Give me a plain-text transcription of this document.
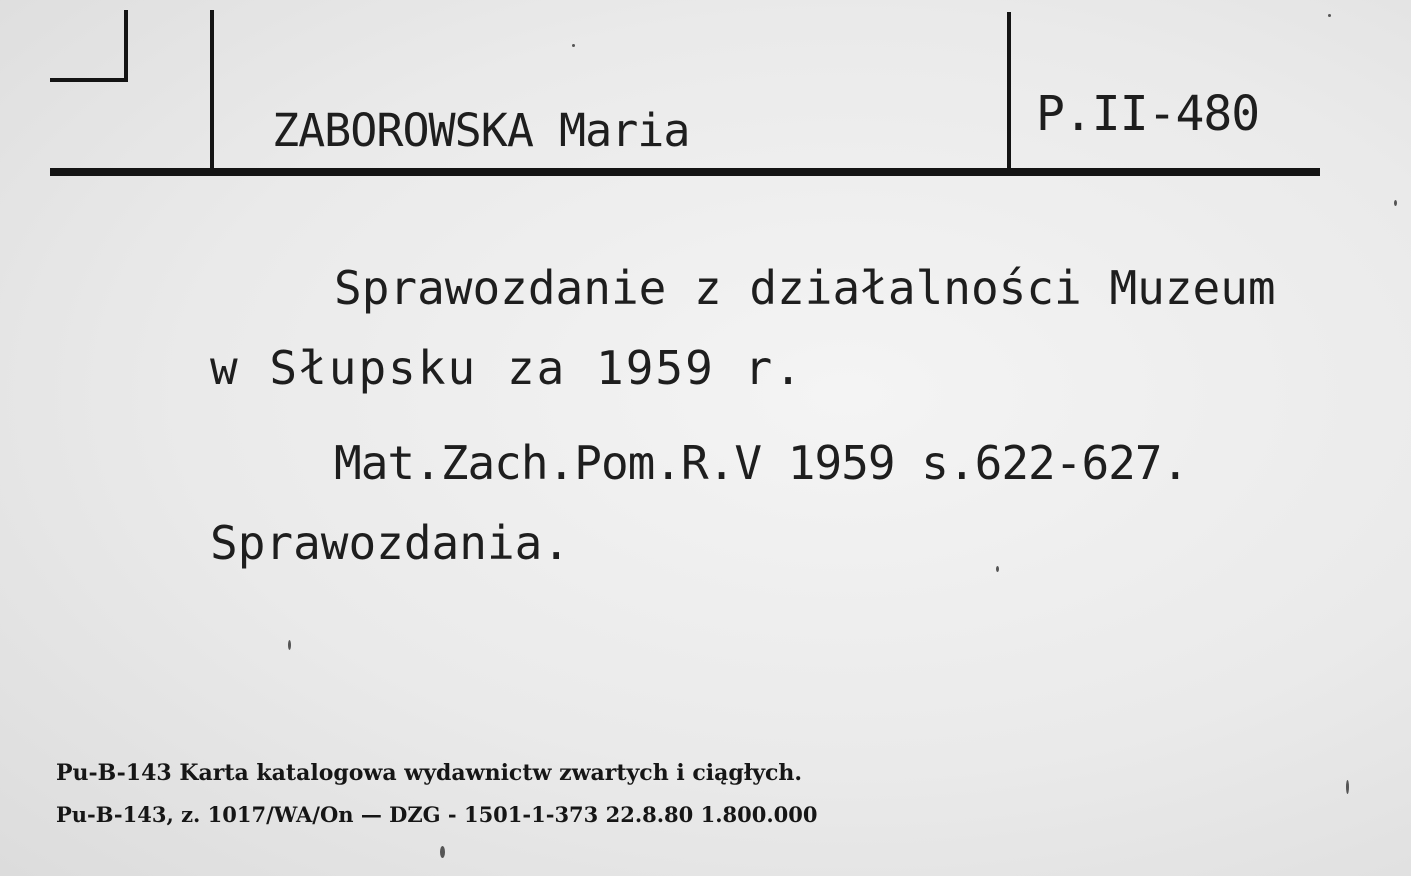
ZABOROWSKA Maria	P.II-480
Sprawozdanie z działalności Muzeum
w Słupsku za 1959 r.
Mat.Zach.Pom.R.V 1959 s.622-627.
Sprawozdania.
Pu-B-143 Karta katalogowa wydawnictw zwartych i ciągłych.
Pu-B-143, z. 1017/WA/On — DZG - 1501-1-373 22.8.80 1.800.000
